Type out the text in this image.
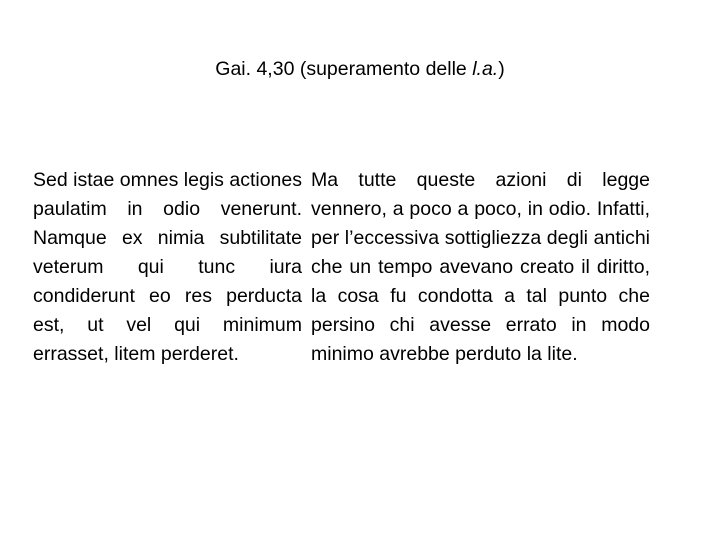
Gai. 4,30 (superamento delle l.a.)
Sed istae omnes legis actiones paulatim in odio venerunt. Namque ex nimia subtilitate veterum qui tunc iura condiderunt eo res perducta est, ut vel qui minimum errasset, litem perderet.
Ma tutte queste azioni di legge vennero, a poco a poco, in odio. Infatti, per l’eccessiva sottigliezza degli antichi che un tempo avevano creato il diritto, la cosa fu condotta a tal punto che persino chi avesse errato in modo minimo avrebbe perduto la lite.
